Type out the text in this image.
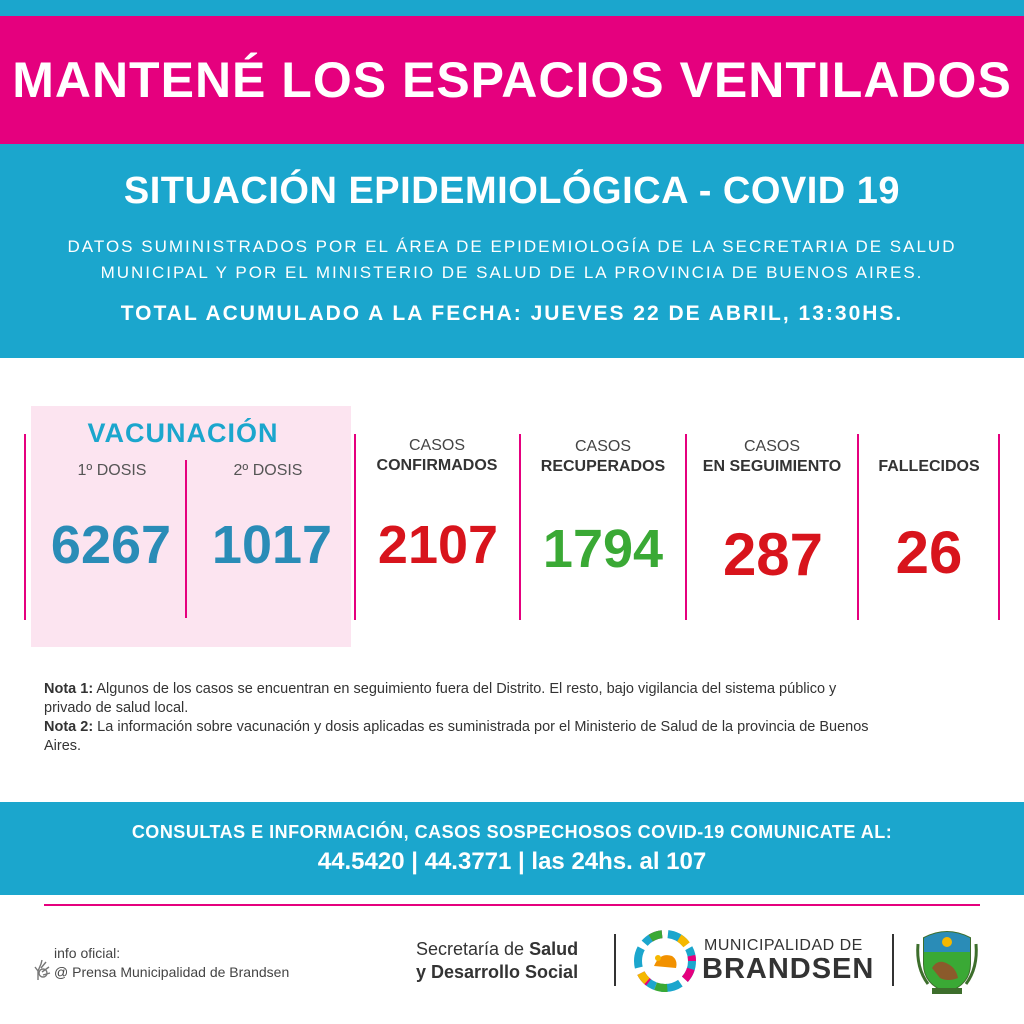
MANTENÉ LOS ESPACIOS VENTILADOS
SITUACIÓN EPIDEMIOLÓGICA - COVID 19
DATOS SUMINISTRADOS POR EL ÁREA DE EPIDEMIOLOGÍA DE LA SECRETARIA DE SALUD
MUNICIPAL Y POR EL MINISTERIO DE SALUD DE LA PROVINCIA DE BUENOS AIRES.
TOTAL ACUMULADO A LA FECHA: JUEVES 22 DE ABRIL, 13:30HS.
VACUNACIÓN
1º DOSIS	2º DOSIS
6267 1017
CASOS
CONFIRMADOS
2107
CASOS
RECUPERADOS
1794
CASOS
EN SEGUIMIENTO
287
FALLECIDOS
26
Nota 1: Algunos de los casos se encuentran en seguimiento fuera del Distrito. El resto, bajo vigilancia del sistema público y privado de salud local.
Nota 2: La información sobre vacunación y dosis aplicadas es suministrada por el Ministerio de Salud de la provincia de Buenos Aires.
CONSULTAS E INFORMACIÓN, CASOS SOSPECHOSOS COVID-19 COMUNICATE AL:
44.5420 | 44.3771 | las 24hs. al 107
info oficial:
@ Prensa Municipalidad de Brandsen
Secretaría de Salud
y Desarrollo Social
MUNICIPALIDAD DE
BRANDSEN
